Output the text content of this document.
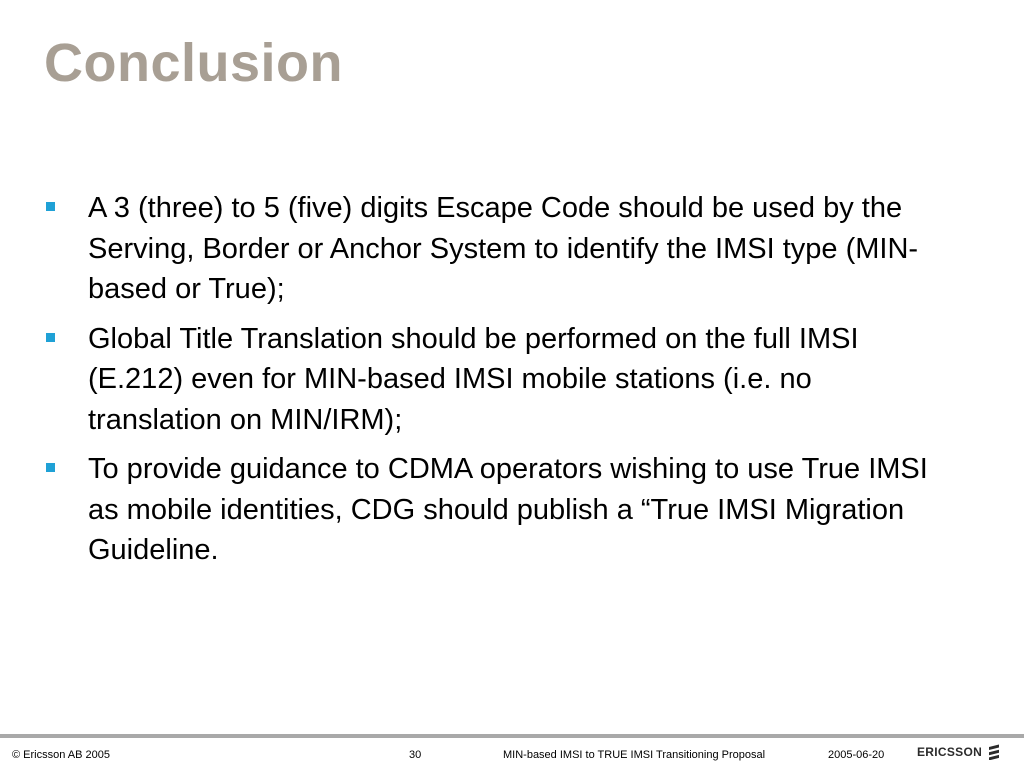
Conclusion
A 3 (three) to 5 (five) digits Escape Code should be used by the Serving, Border or Anchor System to identify the IMSI type (MIN-based or True);
Global Title Translation should be performed on the full IMSI (E.212) even for MIN-based IMSI mobile stations (i.e. no translation on MIN/IRM);
To provide guidance to CDMA operators wishing to use True IMSI as mobile identities, CDG should publish a “True IMSI Migration Guideline.
© Ericsson AB 2005	30	MIN-based IMSI to TRUE IMSI Transitioning Proposal	2005-06-20	ERICSSON
